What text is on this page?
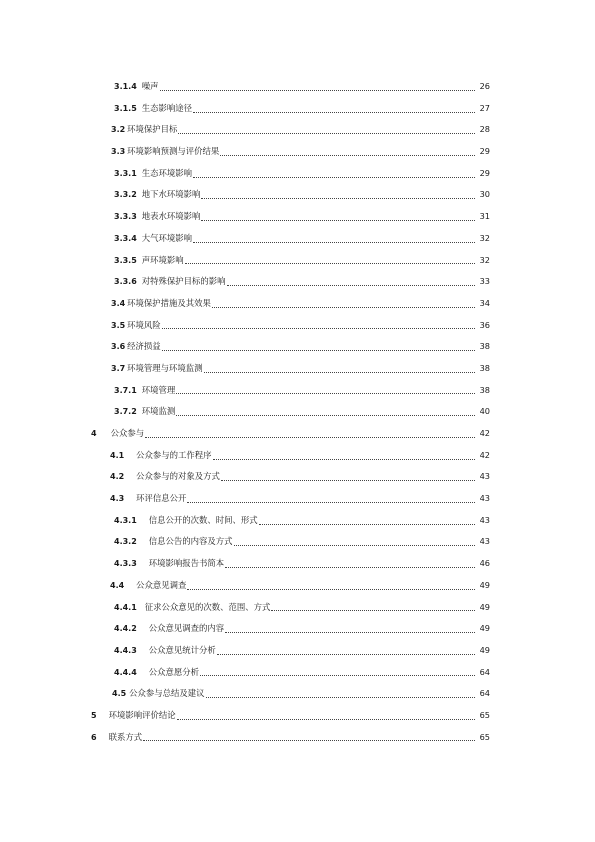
3.1.4 噪声	26
3.1.5 生态影响途径	27
3.2 环境保护目标	28
3.3 环境影响预测与评价结果	29
3.3.1 生态环境影响	29
3.3.2 地下水环境影响	30
3.3.3 地表水环境影响	31
3.3.4 大气环境影响	32
3.3.5 声环境影响	32
3.3.6 对特殊保护目标的影响	33
3.4 环境保护措施及其效果	34
3.5 环境风险	36
3.6 经济损益	38
3.7 环境管理与环境监测	38
3.7.1 环境管理	38
3.7.2 环境监测	40
4	公众参与	42
4.1	公众参与的工作程序	42
4.2	公众参与的对象及方式	43
4.3	环评信息公开	43
4.3.1	信息公开的次数、时间、形式	43
4.3.2	信息公告的内容及方式	43
4.3.3	环境影响报告书简本	46
4.4	公众意见调查	49
4.4.1 征求公众意见的次数、范围、方式	49
4.4.2	公众意见调查的内容	49
4.4.3	公众意见统计分析	49
4.4.4	公众意愿分析	64
4.5 公众参与总结及建议	64
5	环境影响评价结论	65
6	联系方式	65
